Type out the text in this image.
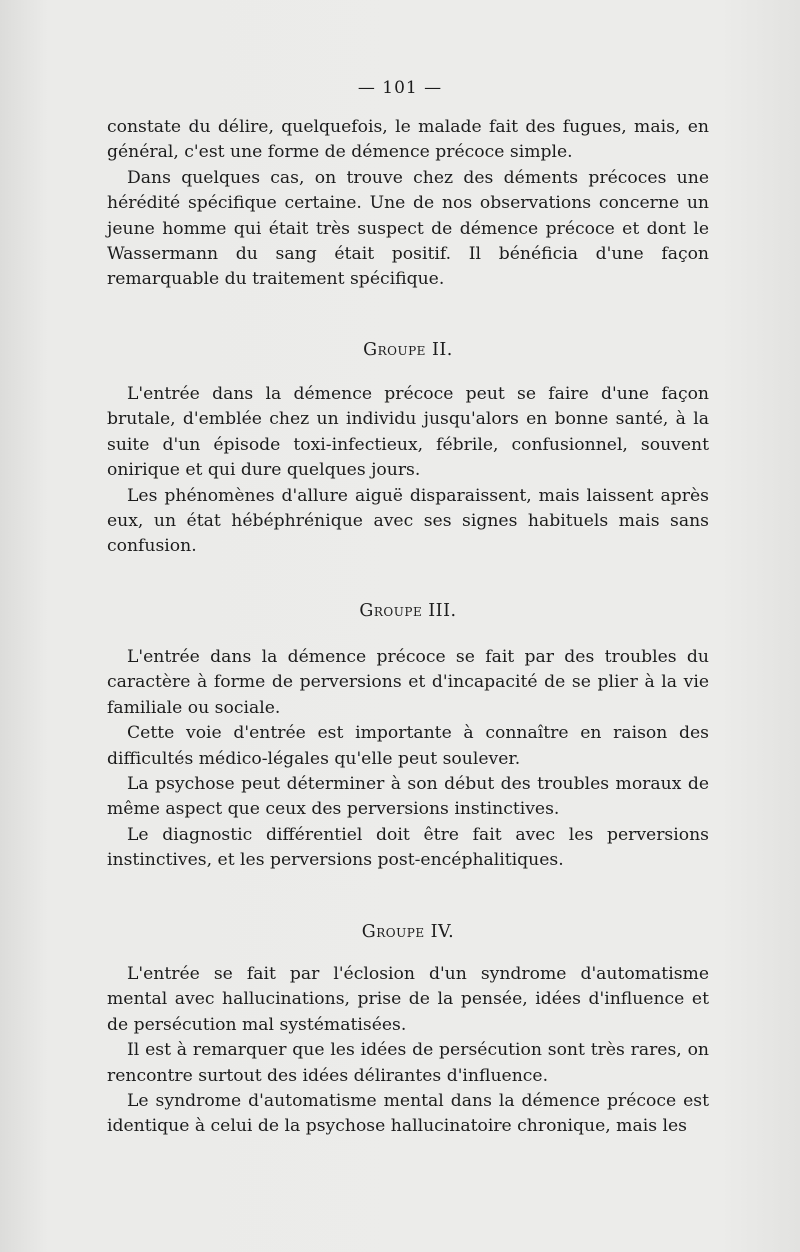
— 101 —

constate du délire, quelquefois, le malade fait des fugues, mais, en général, c'est une forme de démence précoce simple.

Dans quelques cas, on trouve chez des déments précoces une hérédité spécifique certaine. Une de nos observations concerne un jeune homme qui était très suspect de démence précoce et dont le Wassermann du sang était positif. Il bénéficia d'une façon remarquable du traitement spécifique.

Groupe II.

L'entrée dans la démence précoce peut se faire d'une façon brutale, d'emblée chez un individu jusqu'alors en bonne santé, à la suite d'un épisode toxi-infectieux, fébrile, confusionnel, souvent onirique et qui dure quelques jours.

Les phénomènes d'allure aiguë disparaissent, mais laissent après eux, un état hébéphrénique avec ses signes habituels mais sans confusion.

Groupe III.

L'entrée dans la démence précoce se fait par des troubles du caractère à forme de perversions et d'incapacité de se plier à la vie familiale ou sociale.

Cette voie d'entrée est importante à connaître en raison des difficultés médico-légales qu'elle peut soulever.

La psychose peut déterminer à son début des troubles moraux de même aspect que ceux des perversions instinctives.

Le diagnostic différentiel doit être fait avec les perversions instinctives, et les perversions post-encéphalitiques.

Groupe IV.

L'entrée se fait par l'éclosion d'un syndrome d'automatisme mental avec hallucinations, prise de la pensée, idées d'influence et de persécution mal systématisées.

Il est à remarquer que les idées de persécution sont très rares, on rencontre surtout des idées délirantes d'influence.

Le syndrome d'automatisme mental dans la démence précoce est identique à celui de la psychose hallucinatoire chronique, mais les
